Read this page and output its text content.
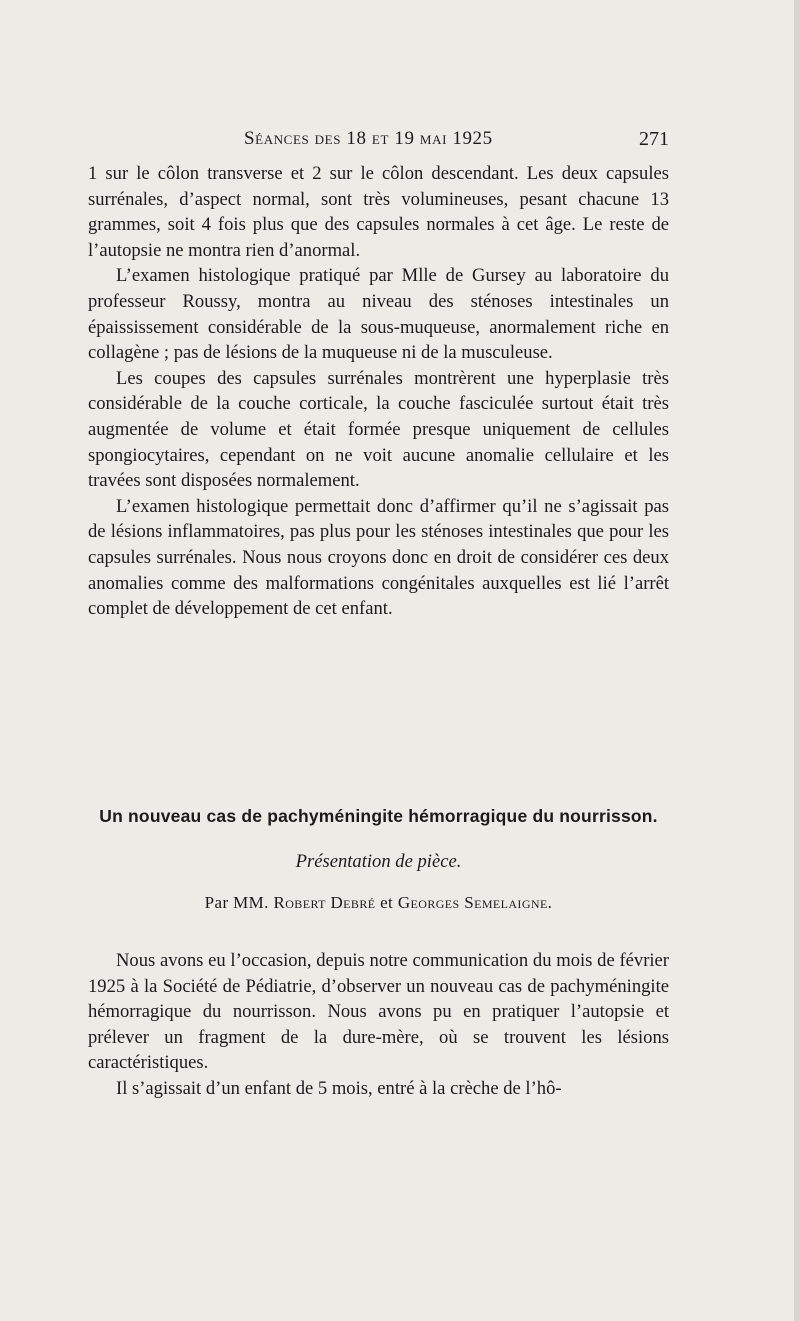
Séances des 18 et 19 mai 1925	271

1 sur le côlon transverse et 2 sur le côlon descendant. Les deux capsules surrénales, d’aspect normal, sont très volumineuses, pesant chacune 13 grammes, soit 4 fois plus que des capsules normales à cet âge. Le reste de l’autopsie ne montra rien d’anormal.

L’examen histologique pratiqué par Mlle de Gursey au laboratoire du professeur Roussy, montra au niveau des sténoses intestinales un épaississement considérable de la sous-muqueuse, anormalement riche en collagène ; pas de lésions de la muqueuse ni de la musculeuse.

Les coupes des capsules surrénales montrèrent une hyperplasie très considérable de la couche corticale, la couche fasciculée surtout était très augmentée de volume et était formée presque uniquement de cellules spongiocytaires, cependant on ne voit aucune anomalie cellulaire et les travées sont disposées normalement.

L’examen histologique permettait donc d’affirmer qu’il ne s’agissait pas de lésions inflammatoires, pas plus pour les sténoses intestinales que pour les capsules surrénales. Nous nous croyons donc en droit de considérer ces deux anomalies comme des malformations congénitales auxquelles est lié l’arrêt complet de développement de cet enfant.

Un nouveau cas de pachyméningite hémorragique du nourrisson.

Présentation de pièce.

Par MM. Robert Debré et Georges Semelaigne.

Nous avons eu l’occasion, depuis notre communication du mois de février 1925 à la Société de Pédiatrie, d’observer un nouveau cas de pachyméningite hémorragique du nourrisson. Nous avons pu en pratiquer l’autopsie et prélever un fragment de la dure-mère, où se trouvent les lésions caractéristiques.

Il s’agissait d’un enfant de 5 mois, entré à la crèche de l’hô-
